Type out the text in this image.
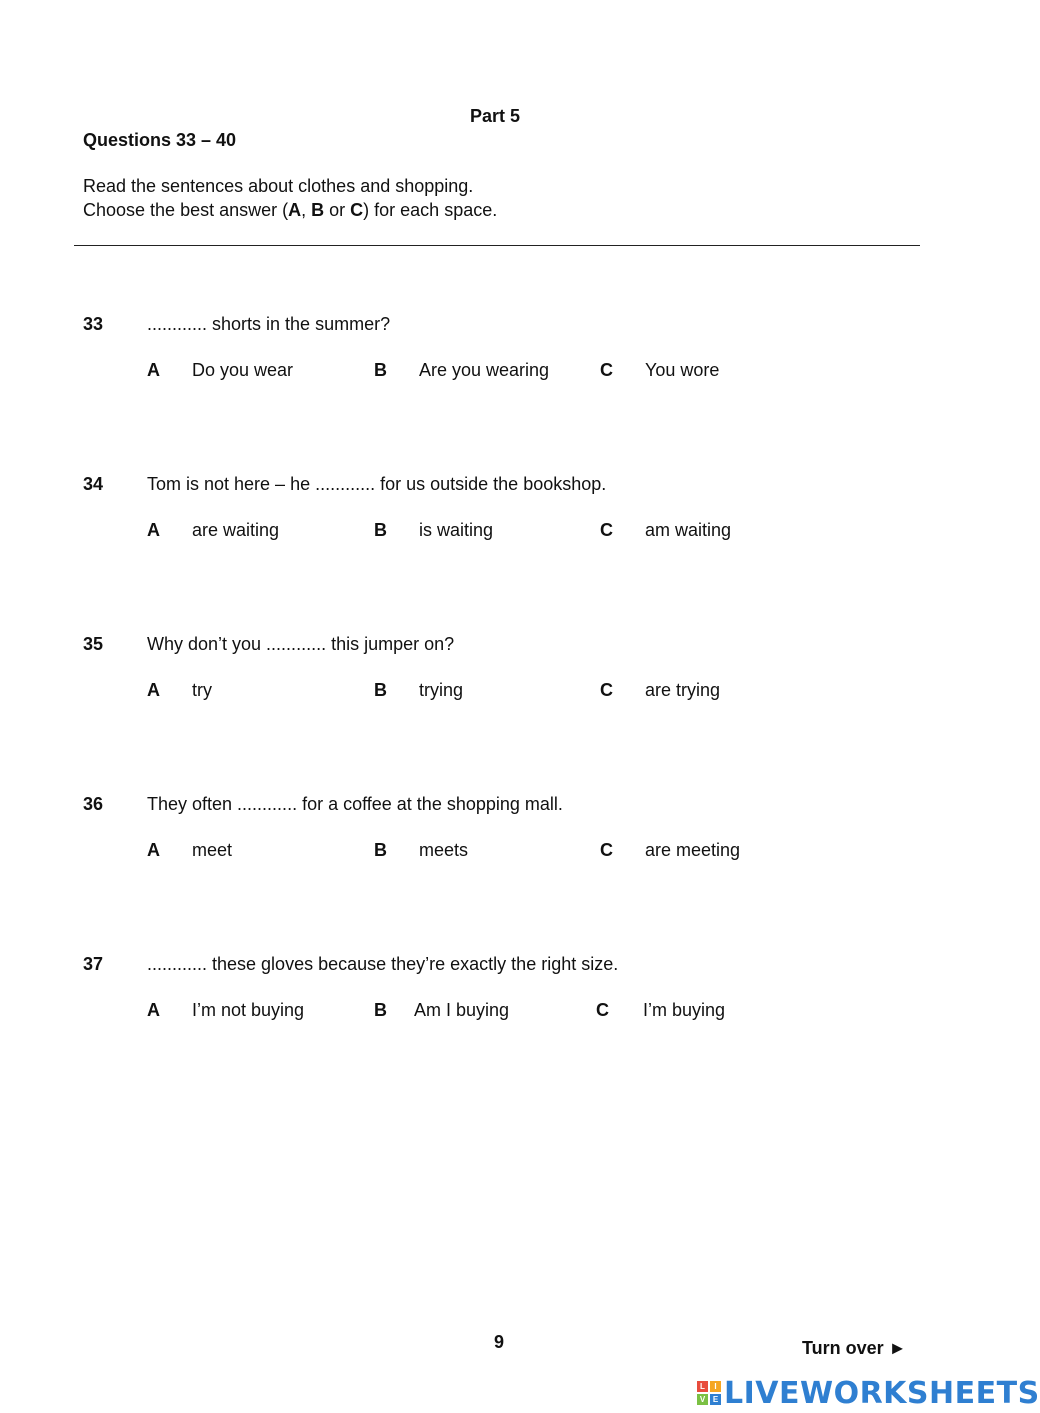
Part 5
Questions 33 – 40
Read the sentences about clothes and shopping.
Choose the best answer (A, B or C) for each space.
33 ............ shorts in the summer?
A Do you wear	B Are you wearing	C You wore
34 Tom is not here – he ............ for us outside the bookshop.
A are waiting	B is waiting	C am waiting
35 Why don’t you ............ this jumper on?
A try	B trying	C are trying
36 They often ............ for a coffee at the shopping mall.
A meet	B meets	C are meeting
37 ............ these gloves because they’re exactly the right size.
A I’m not buying	B Am I buying	C I’m buying
9	Turn over ►
L	I
V E LIVEWORKSHEETS
